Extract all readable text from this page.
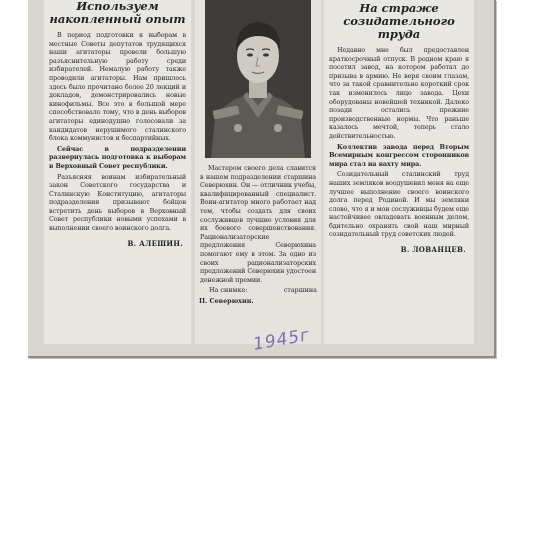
Используем накопленный опыт

В период подготовки к выборам в местные Советы депутатов трудящихся наши агитаторы провели большую разъяснительную работу среди избирателей. Немалую работу также проводили агитаторы. Нам пришлось здесь было прочитано более 20 лекций и докладов, демонстрировались новые кинофильмы. Все это в большой мере способствовало тому, что в день выборов агитаторы единодушно голосовали за кандидатов нерушимого сталинского блока коммунистов и беспартийных.

Сейчас в подразделении развернулась подготовка к выборам в Верховный Совет республики.

Разъясняя воинам избирательный закон Советского государства и Сталинскую Конституцию, агитаторы подразделения призывают бойцов встретить день выборов в Верховный Совет республики новыми успехами в выполнении своего воинского долга.

В. АЛЕШИН.

Мастером своего дела славится в нашем подразделении старшина Северюхин. Он — отличник учебы, квалифицированный специалист. Воин-агитатор много работает над тем, чтобы создать для своих сослуживцев лучшие условия для их боевого совершенствования. Рационализаторские предложения Северюхина помогают ему в этом. За одно из своих рационализаторских предложений Северюхин удостоен денежной премии.

На снимке:	старшина
П. Северюхин.
На страже созидательного труда

Недавно мне был предоставлен краткосрочный отпуск. В родном краю я посетил завод, на котором работал до призыва в армию. Не веря своим глазам, что за такой сравнительно короткий срок так изменилось лицо завода. Цехи оборудованы новейшей техникой. Далеко позади остались прежние производственные нормы. Что раньше казалось мечтой, теперь стало действительностью.

Коллектив завода перед Вторым Всемирным конгрессом сторонников мира стал на вахту мира.

Созидательный сталинский труд наших земляков воодушевил меня на еще лучшее выполнение своего воинского долга перед Родиной. И мы земляки слово, что я и мои сослуживцы будем еще настойчивее овладевать военным делом, бдительно охранять свой наш мирный созидательный труд советских людей.

В. ЛОВАНЦЕВ.
1945г
